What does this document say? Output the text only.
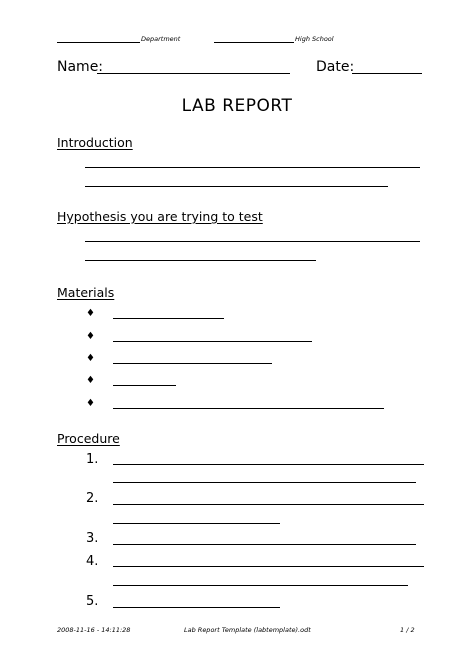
Department	High School
Name:	Date:
LAB REPORT
Introduction
Hypothesis you are trying to test
Materials
♦
♦
♦
♦
♦
Procedure
1.
2.
3.
4.
5.
2008-11-16 - 14:11:28	Lab Report Template (labtemplate).odt	1 / 2
